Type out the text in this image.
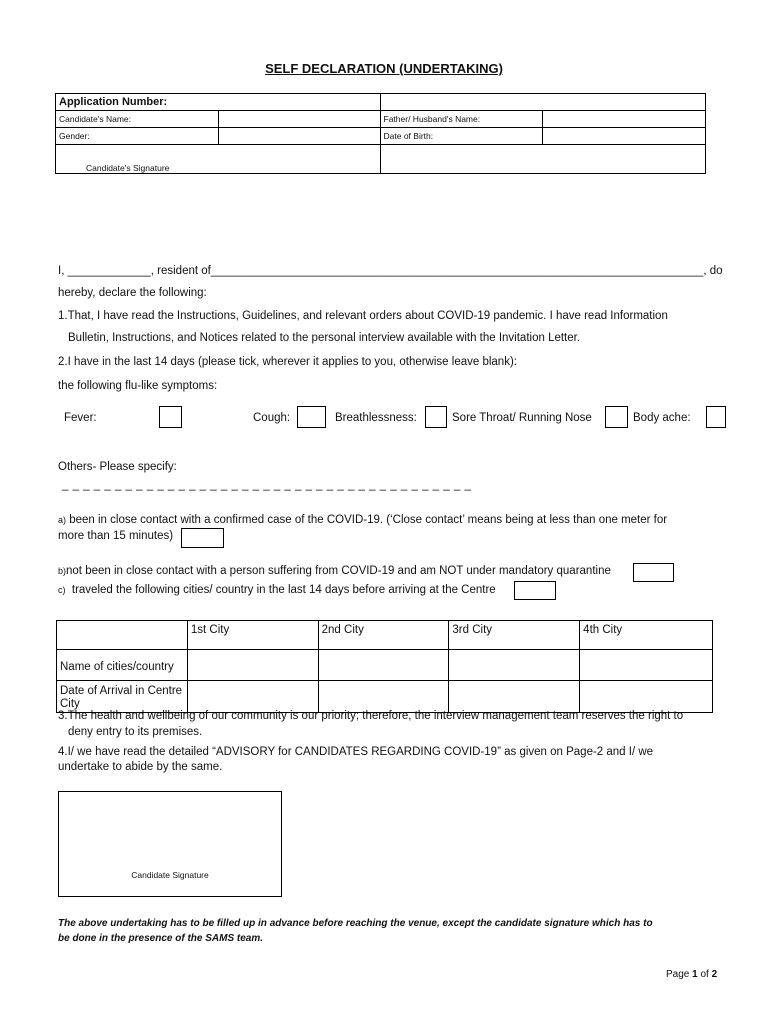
SELF DECLARATION (UNDERTAKING)
Application Number:			
Candidate's Name:		Father/ Husband's Name:	
Gender:		Date of Birth:	

Candidate's Signature			

I, _____________, resident of_____________________________________________________________________________, do
hereby, declare the following:
1.That, I have read the Instructions, Guidelines, and relevant orders about COVID-19 pandemic. I have read Information
Bulletin, Instructions, and Notices related to the personal interview available with the Invitation Letter.
2.I have in the last 14 days (please tick, wherever it applies to you, otherwise leave blank):
the following flu-like symptoms:
Fever:	Cough:	Breathlessness:	Sore Throat/ Running Nose	Body ache:
Others- Please specify:
_ _ _ _ _ _ _ _ _ _ _ _ _ _ _ _ _ _ _ _ _ _ _ _ _ _ _ _ _ _ _ _ _ _ _ _ _ _ _
a) been in close contact with a confirmed case of the COVID-19. (‘Close contact’ means being at less than one meter for
more than 15 minutes)
b)not been in close contact with a person suffering from COVID-19 and am NOT under mandatory quarantine
c) traveled the following cities/ country in the last 14 days before arriving at the Centre
	1st City	2nd City	3rd City	4th City
Name of cities/country				
Date of Arrival in Centre City				
3.The health and wellbeing of our community is our priority; therefore, the interview management team reserves the right to
deny entry to its premises.
4.I/ we have read the detailed “ADVISORY for CANDIDATES REGARDING COVID-19” as given on Page-2 and I/ we
undertake to abide by the same.
Candidate Signature
The above undertaking has to be filled up in advance before reaching the venue, except the candidate signature which has to
be done in the presence of the SAMS team.
Page 1 of 2
